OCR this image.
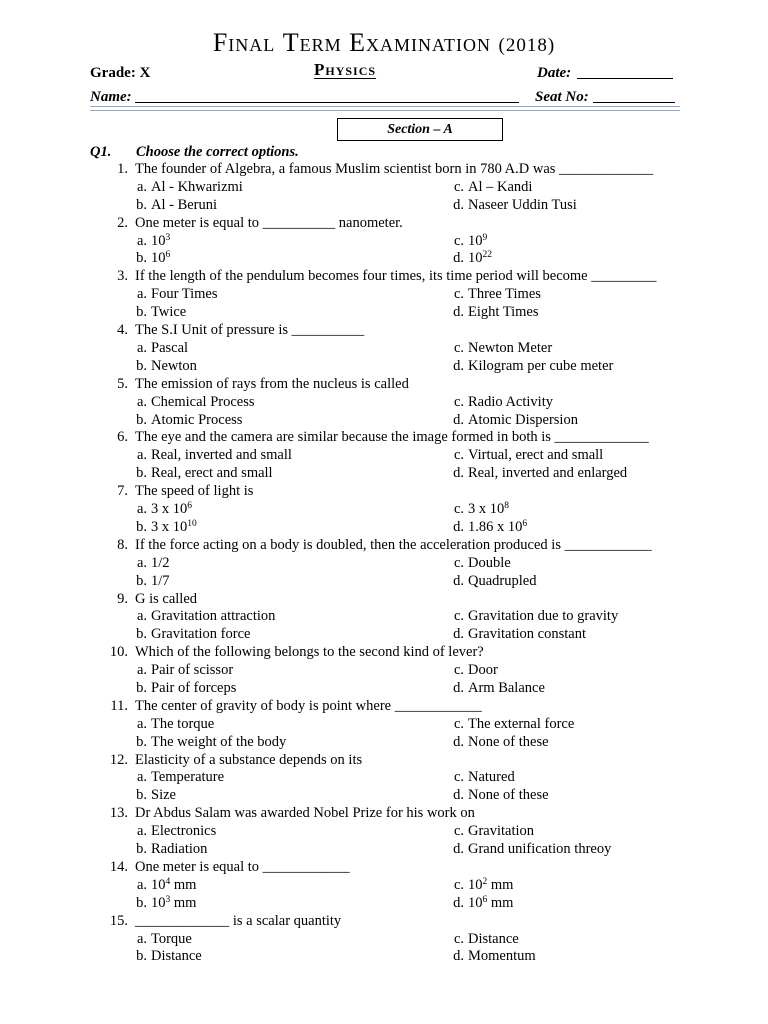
Final Term Examination (2018)
Grade: X	Physics	Date:
Name:	Seat No:
Section – A
Q1. Choose the correct options.
1. The founder of Algebra, a famous Muslim scientist born in 780 A.D was _____________
a. Al - Khwarizmi	c. Al – Kandi
b. Al - Beruni	d. Naseer Uddin Tusi
2. One meter is equal to __________ nanometer.
a. $10^3$	c. $10^9$
b. $10^6$	d. $10^{22}$
3. If the length of the pendulum becomes four times, its time period will become _________
a. Four Times	c. Three Times
b. Twice	d. Eight Times
4. The S.I Unit of pressure is __________
a. Pascal	c. Newton Meter
b. Newton	d. Kilogram per cube meter
5. The emission of rays from the nucleus is called
a. Chemical Process	c. Radio Activity
b. Atomic Process	d. Atomic Dispersion
6. The eye and the camera are similar because the image formed in both is _____________
a. Real, inverted and small	c. Virtual, erect and small
b. Real, erect and small	d. Real, inverted and enlarged
7. The speed of light is
a. 3 x $10^6$	c. 3 x $10^8$
b. 3 x $10^{10}$	d. 1.86 x $10^6$
8. If the force acting on a body is doubled, then the acceleration produced is ____________
a. 1/2	c. Double
b. 1/7	d. Quadrupled
9. G is called
a. Gravitation attraction	c. Gravitation due to gravity
b. Gravitation force	d. Gravitation constant
10. Which of the following belongs to the second kind of lever?
a. Pair of scissor	c. Door
b. Pair of forceps	d. Arm Balance
11. The center of gravity of body is point where ____________
a. The torque	c. The external force
b. The weight of the body	d. None of these
12. Elasticity of a substance depends on its
a. Temperature	c. Natured
b. Size	d. None of these
13. Dr Abdus Salam was awarded Nobel Prize for his work on
a. Electronics	c. Gravitation
b. Radiation	d. Grand unification threoy
14. One meter is equal to ____________
a. $10^4$ mm	c. $10^2$ mm
b. $10^3$ mm	d. $10^6$ mm
15. _____________ is a scalar quantity
a. Torque	c. Distance
b. Distance	d. Momentum
